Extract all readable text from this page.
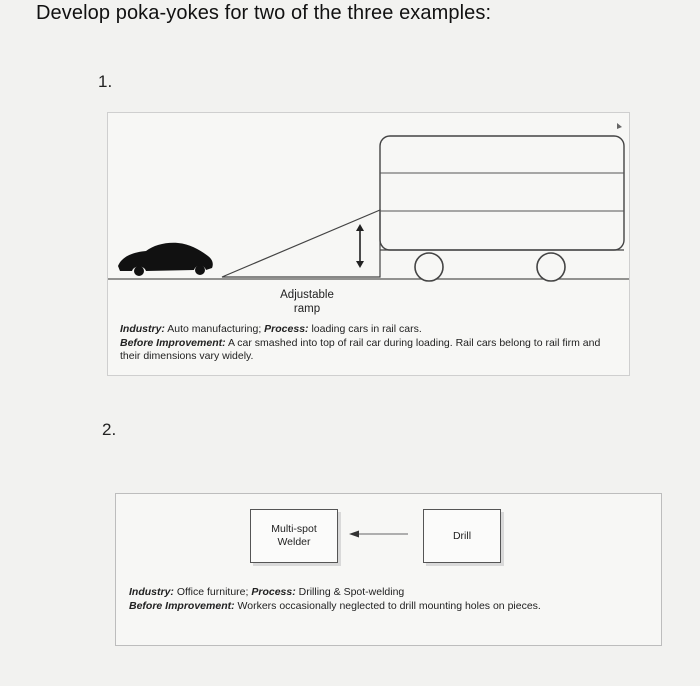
Develop poka-yokes for two of the three examples:
1.
Adjustable
ramp
Industry: Auto manufacturing; Process: loading cars in rail cars.
Before Improvement: A car smashed into top of rail car during loading. Rail cars belong to rail firm and their dimensions vary widely.
2.
Multi-spot
Welder
Drill
Industry: Office furniture; Process: Drilling & Spot-welding
Before Improvement: Workers occasionally neglected to drill mounting holes on pieces.
